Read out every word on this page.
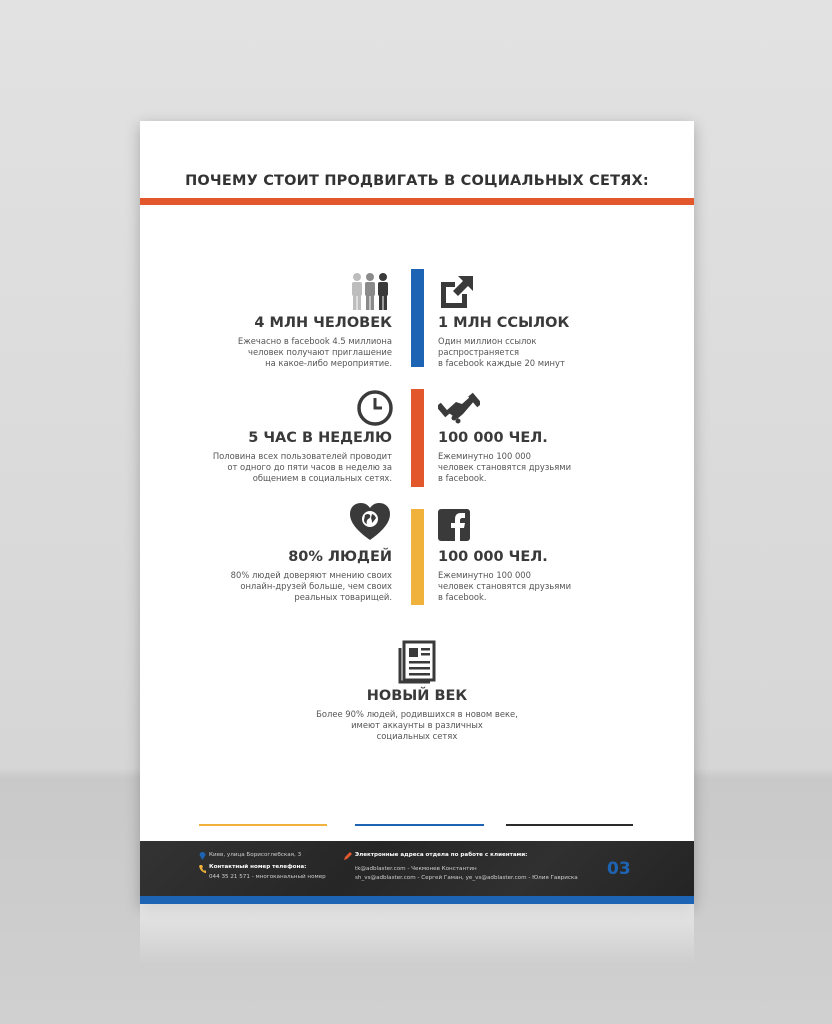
ПОЧЕМУ СТОИТ ПРОДВИГАТЬ В СОЦИАЛЬНЫХ СЕТЯХ:
4 МЛН ЧЕЛОВЕК
Ежечасно в facebook 4.5 миллиона
человек получают приглашение
на какое-либо мероприятие.
1 МЛН ССЫЛОК
Один миллион ссылок
распространяется
в facebook каждые 20 минут
5 ЧАС В НЕДЕЛЮ
Половина всех пользователей проводит
от одного до пяти часов в неделю за
общением в социальных сетях.
100 000 ЧЕЛ.
Ежеминутно 100 000
человек становятся друзьями
в facebook.
80% ЛЮДЕЙ
80% людей доверяют мнению своих
онлайн-друзей больше, чем своих
реальных товарищей.
100 000 ЧЕЛ.
Ежеминутно 100 000
человек становятся друзьями
в facebook.
НОВЫЙ ВЕК
Более 90% людей, родившихся в новом веке,
имеют аккаунты в различных
социальных сетях
Киев, улица Борисоглебская, 3
Контактный номер телефона:
044 35 21 571 - многоканальный номер
Электронные адреса отдела по работе с клиентами:
tk@adblaster.com - Чекмонев Константин
sh_vs@adblaster.com - Сергей Гаман, ye_vs@adblaster.com - Юлия Гавриска 03
